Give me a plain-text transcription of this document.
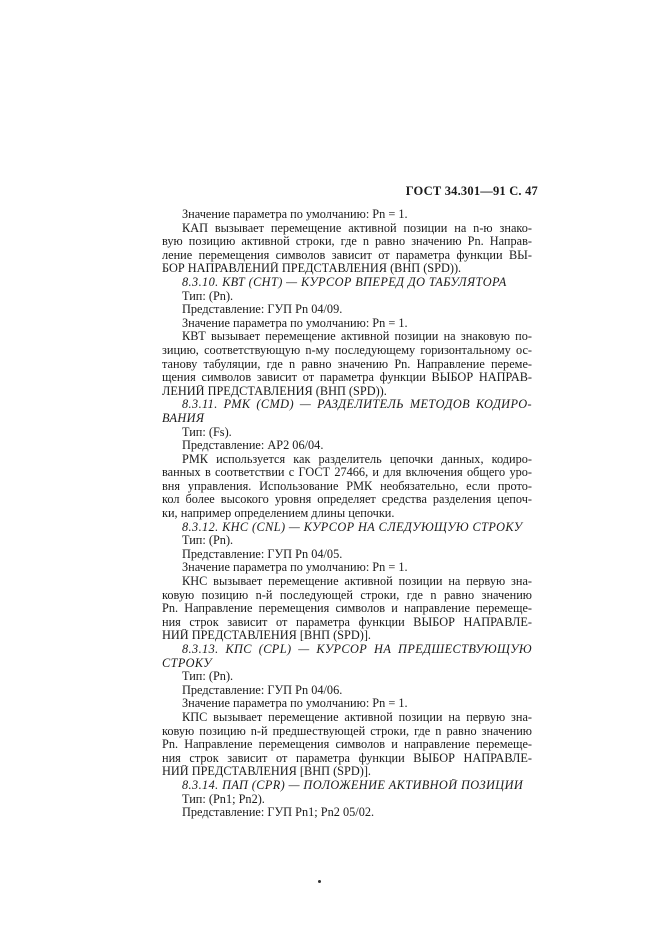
ГОСТ 34.301—91 С. 47
Значение параметра по умолчанию: Pn = 1.
КАП вызывает перемещение активной позиции на n-ю знако-
вую позицию активной строки, где n равно значению Pn. Направ-
ление перемещения символов зависит от параметра функции ВЫ-
БОР НАПРАВЛЕНИЙ ПРЕДСТАВЛЕНИЯ (ВНП (SPD)).
8.3.10. КВТ (CHT) — КУРСОР ВПЕРЕД ДО ТАБУЛЯТОРА
Тип: (Pn).
Представление: ГУП Pn 04/09.
Значение параметра по умолчанию: Pn = 1.
КВТ вызывает перемещение активной позиции на знаковую по-
зицию, соответствующую n-му последующему горизонтальному ос-
танову табуляции, где n равно значению Pn. Направление переме-
щения символов зависит от параметра функции ВЫБОР НАПРАВ-
ЛЕНИЙ ПРЕДСТАВЛЕНИЯ (ВНП (SPD)).
8.3.11. РМК (CMD) — РАЗДЕЛИТЕЛЬ МЕТОДОВ КОДИРО-
ВАНИЯ
Тип: (Fs).
Представление: AP2 06/04.
РМК используется как разделитель цепочки данных, кодиро-
ванных в соответствии с ГОСТ 27466, и для включения общего уро-
вня управления. Использование РМК необязательно, если прото-
кол более высокого уровня определяет средства разделения цепоч-
ки, например определением длины цепочки.
8.3.12. КНС (CNL) — КУРСОР НА СЛЕДУЮЩУЮ СТРОКУ
Тип: (Pn).
Представление: ГУП Pn 04/05.
Значение параметра по умолчанию: Pn = 1.
КНС вызывает перемещение активной позиции на первую зна-
ковую позицию n-й последующей строки, где n равно значению
Pn. Направление перемещения символов и направление перемеще-
ния строк зависит от параметра функции ВЫБОР НАПРАВЛЕ-
НИЙ ПРЕДСТАВЛЕНИЯ [ВНП (SPD)].
8.3.13. КПС (CPL) — КУРСОР НА ПРЕДШЕСТВУЮЩУЮ
СТРОКУ
Тип: (Pn).
Представление: ГУП Pn 04/06.
Значение параметра по умолчанию: Pn = 1.
КПС вызывает перемещение активной позиции на первую зна-
ковую позицию n-й предшествующей строки, где n равно значению
Pn. Направление перемещения символов и направление перемеще-
ния строк зависит от параметра функции ВЫБОР НАПРАВЛЕ-
НИЙ ПРЕДСТАВЛЕНИЯ [ВНП (SPD)].
8.3.14. ПАП (CPR) — ПОЛОЖЕНИЕ АКТИВНОЙ ПОЗИЦИИ
Тип: (Pn1; Pn2).
Представление: ГУП Pn1; Pn2 05/02.
